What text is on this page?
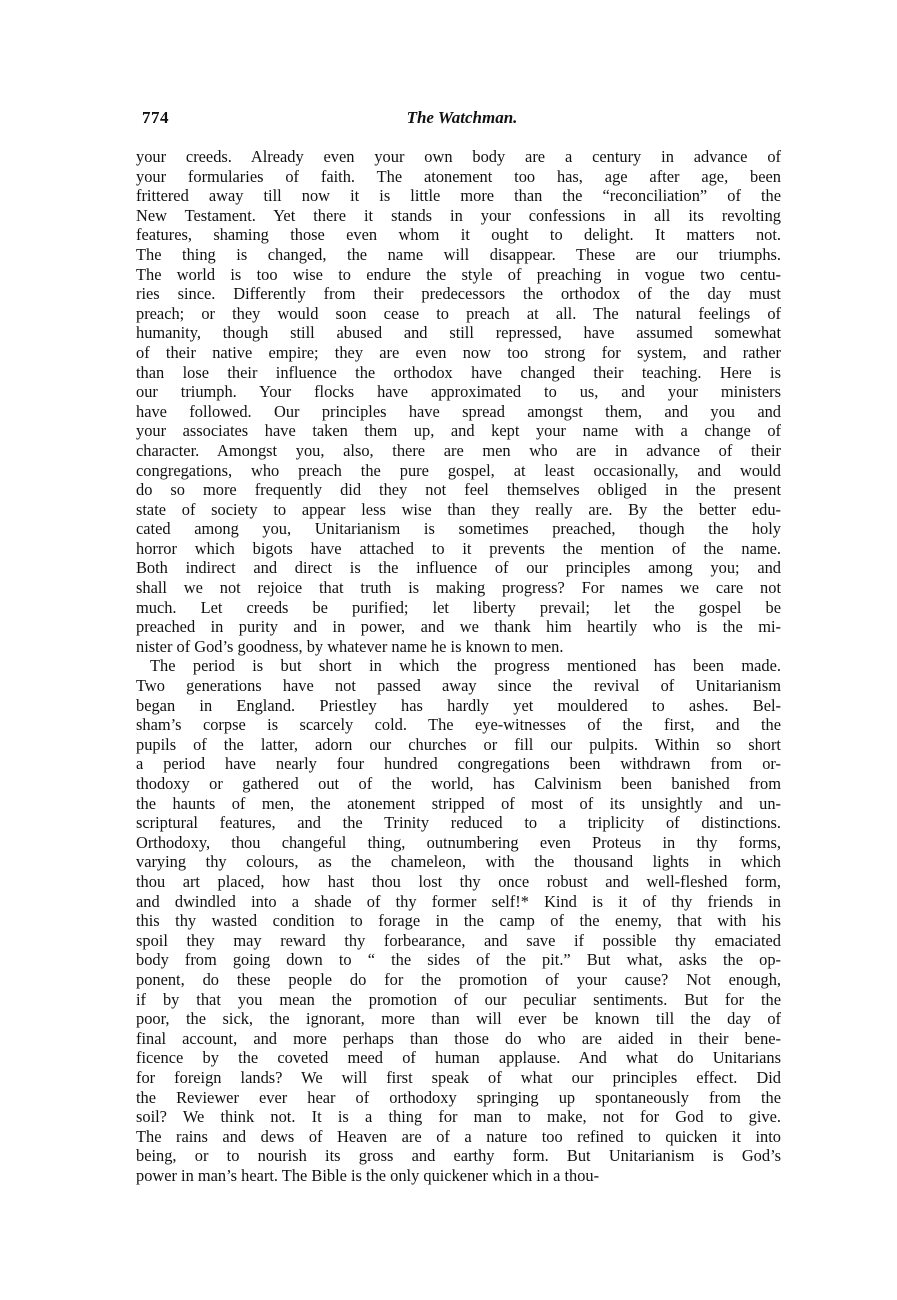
774	The Watchman.
your creeds. Already even your own body are a century in advance of
your formularies of faith. The atonement too has, age after age, been
frittered away till now it is little more than the “reconciliation” of the
New Testament. Yet there it stands in your confessions in all its revolting
features, shaming those even whom it ought to delight. It matters not.
The thing is changed, the name will disappear. These are our triumphs.
The world is too wise to endure the style of preaching in vogue two centu-
ries since. Differently from their predecessors the orthodox of the day must
preach; or they would soon cease to preach at all. The natural feelings of
humanity, though still abused and still repressed, have assumed somewhat
of their native empire; they are even now too strong for system, and rather
than lose their influence the orthodox have changed their teaching. Here is
our triumph. Your flocks have approximated to us, and your ministers
have followed. Our principles have spread amongst them, and you and
your associates have taken them up, and kept your name with a change of
character. Amongst you, also, there are men who are in advance of their
congregations, who preach the pure gospel, at least occasionally, and would
do so more frequently did they not feel themselves obliged in the present
state of society to appear less wise than they really are. By the better edu-
cated among you, Unitarianism is sometimes preached, though the holy
horror which bigots have attached to it prevents the mention of the name.
Both indirect and direct is the influence of our principles among you; and
shall we not rejoice that truth is making progress? For names we care not
much. Let creeds be purified; let liberty prevail; let the gospel be
preached in purity and in power, and we thank him heartily who is the mi-
nister of God’s goodness, by whatever name he is known to men.
The period is but short in which the progress mentioned has been made.
Two generations have not passed away since the revival of Unitarianism
began in England. Priestley has hardly yet mouldered to ashes. Bel-
sham’s corpse is scarcely cold. The eye-witnesses of the first, and the
pupils of the latter, adorn our churches or fill our pulpits. Within so short
a period have nearly four hundred congregations been withdrawn from or-
thodoxy or gathered out of the world, has Calvinism been banished from
the haunts of men, the atonement stripped of most of its unsightly and un-
scriptural features, and the Trinity reduced to a triplicity of distinctions.
Orthodoxy, thou changeful thing, outnumbering even Proteus in thy forms,
varying thy colours, as the chameleon, with the thousand lights in which
thou art placed, how hast thou lost thy once robust and well-fleshed form,
and dwindled into a shade of thy former self!* Kind is it of thy friends in
this thy wasted condition to forage in the camp of the enemy, that with his
spoil they may reward thy forbearance, and save if possible thy emaciated
body from going down to “ the sides of the pit.” But what, asks the op-
ponent, do these people do for the promotion of your cause? Not enough,
if by that you mean the promotion of our peculiar sentiments. But for the
poor, the sick, the ignorant, more than will ever be known till the day of
final account, and more perhaps than those do who are aided in their bene-
ficence by the coveted meed of human applause. And what do Unitarians
for foreign lands? We will first speak of what our principles effect. Did
the Reviewer ever hear of orthodoxy springing up spontaneously from the
soil? We think not. It is a thing for man to make, not for God to give.
The rains and dews of Heaven are of a nature too refined to quicken it into
being, or to nourish its gross and earthy form. But Unitarianism is God’s
power in man’s heart. The Bible is the only quickener which in a thou-
